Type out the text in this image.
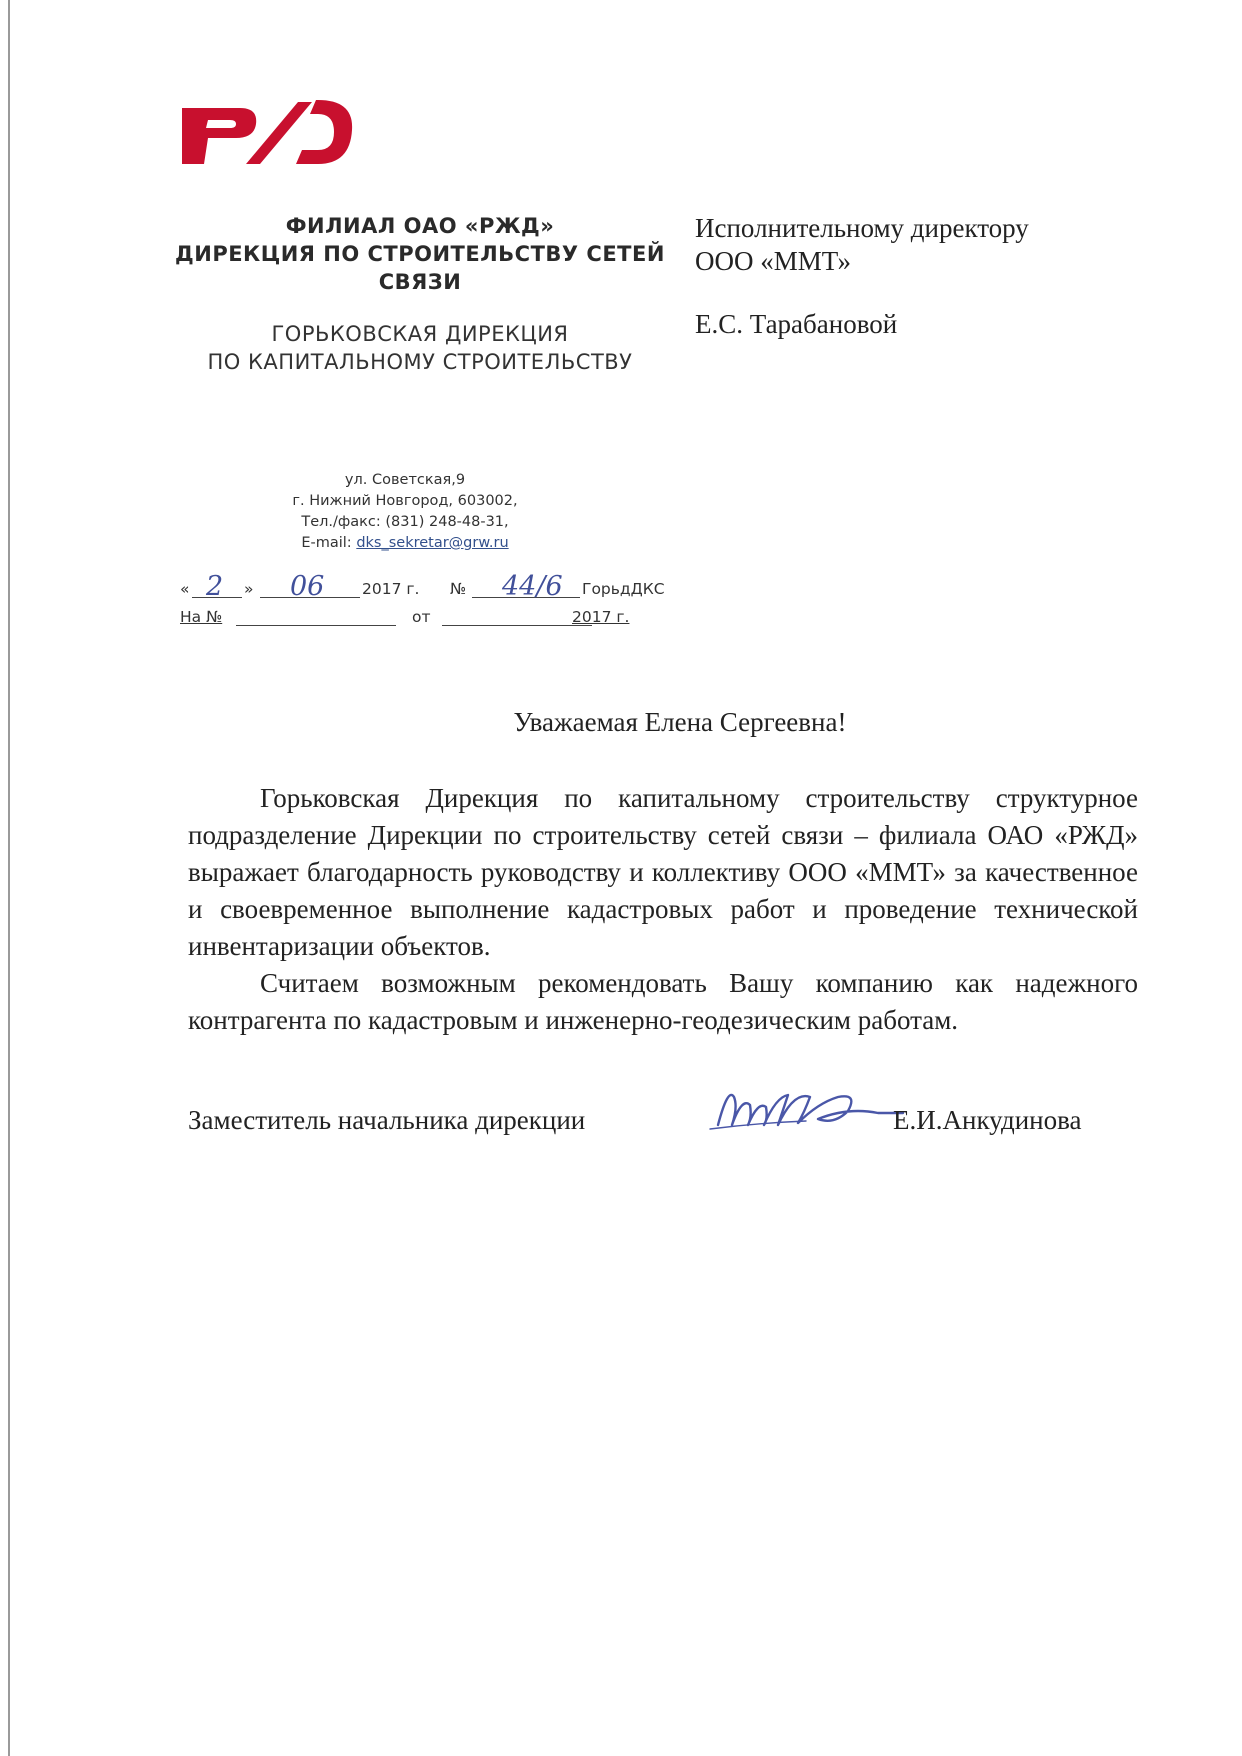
ФИЛИАЛ ОАО «РЖД»
ДИРЕКЦИЯ ПО СТРОИТЕЛЬСТВУ СЕТЕЙ
СВЯЗИ
ГОРЬКОВСКАЯ ДИРЕКЦИЯ
ПО КАПИТАЛЬНОМУ СТРОИТЕЛЬСТВУ
Исполнительному директору
ООО «ММТ»
Е.С. Тарабановой
ул. Советская,9
г. Нижний Новгород, 603002,
Тел./факс: (831) 248-48-31,
E-mail: dks_sekretar@grw.ru
« 2 » 06 2017 г. № 44/6 ГорьдДКС
На №	от	2017 г.
Уважаемая Елена Сергеевна!

Горьковская Дирекция по капитальному строительству структурное подразделение Дирекции по строительству сетей связи – филиала ОАО «РЖД» выражает благодарность руководству и коллективу ООО «ММТ» за качественное и своевременное выполнение кадастровых работ и проведение технической инвентаризации объектов.

Считаем возможным рекомендовать Вашу компанию как надежного контрагента по кадастровым и инженерно-геодезическим работам.

Заместитель начальника дирекции	Е.И.Анкудинова
